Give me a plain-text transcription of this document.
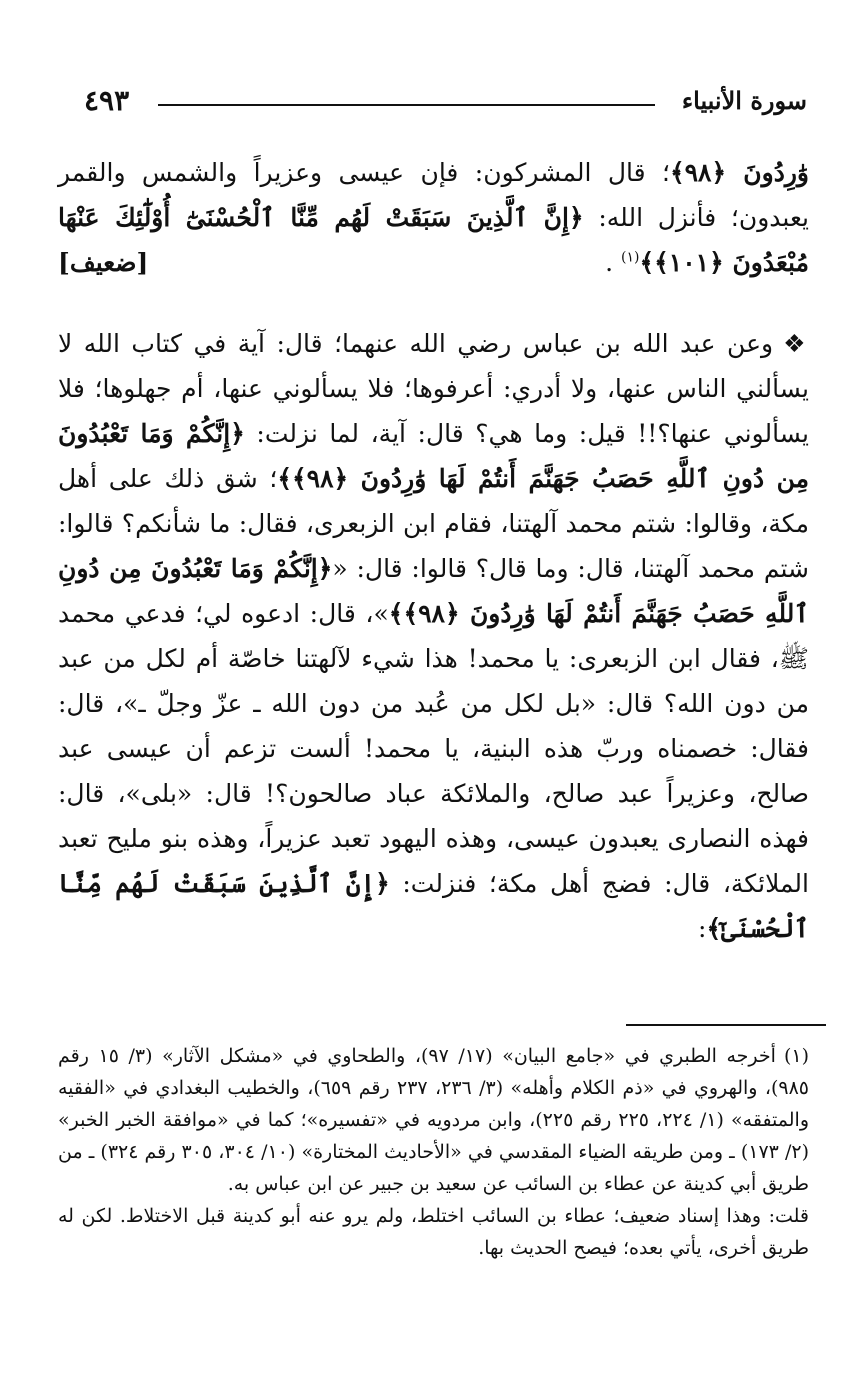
٤٩٣	سورة الأنبياء

وَٰرِدُونَ ﴿٩٨﴾؛ قال المشركون: فإن عيسى وعزيراً والشمس والقمر يعبدون؛ فأنزل الله: ﴿إِنَّ ٱلَّذِينَ سَبَقَتْ لَهُم مِّنَّا ٱلْحُسْنَىٰٓ أُوْلَٰٓئِكَ عَنْهَا مُبْعَدُونَ ﴿١٠١﴾﴾$^{(١)}$ .
[ضعيف]

❖وعن عبد الله بن عباس رضي الله عنهما؛ قال: آية في كتاب الله لا يسألني الناس عنها، ولا أدري: أعرفوها؛ فلا يسألوني عنها، أم جهلوها؛ فلا يسألوني عنها؟!! قيل: وما هي؟ قال: آية، لما نزلت: ﴿إِنَّكُمْ وَمَا تَعْبُدُونَ مِن دُونِ ٱللَّهِ حَصَبُ جَهَنَّمَ أَنتُمْ لَهَا وَٰرِدُونَ ﴿٩٨﴾﴾؛ شق ذلك على أهل مكة، وقالوا: شتم محمد آلهتنا، فقام ابن الزبعرى، فقال: ما شأنكم؟ قالوا: شتم محمد آلهتنا، قال: وما قال؟ قالوا: قال: «﴿إِنَّكُمْ وَمَا تَعْبُدُونَ مِن دُونِ ٱللَّهِ حَصَبُ جَهَنَّمَ أَنتُمْ لَهَا وَٰرِدُونَ ﴿٩٨﴾﴾»، قال: ادعوه لي؛ فدعي محمد ﷺ، فقال ابن الزبعرى: يا محمد! هذا شيء لآلهتنا خاصّة أم لكل من عبد من دون الله؟ قال: «بل لكل من عُبد من دون الله ـ عزّ وجلّ ـ»، قال: فقال: خصمناه وربّ هذه البنية، يا محمد! ألست تزعم أن عيسى عبد صالح، وعزيراً عبد صالح، والملائكة عباد صالحون؟! قال: «بلى»، قال: فهذه النصارى يعبدون عيسى، وهذه اليهود تعبد عزيراً، وهذه بنو مليح تعبد الملائكة، قال: فضج أهل مكة؛ فنزلت: ﴿إِنَّ ٱلَّذِينَ سَبَقَتْ لَهُم مِّنَّا ٱلْحُسْنَىٰٓ﴾:

(١)أخرجه الطبري في «جامع البيان» (١٧/ ٩٧)، والطحاوي في «مشكل الآثار» (٣/ ١٥ رقم ٩٨٥)، والهروي في «ذم الكلام وأهله» (٣/ ٢٣٦، ٢٣٧ رقم ٦٥٩)، والخطيب البغدادي في «الفقيه والمتفقه» (١/ ٢٢٤، ٢٢٥ رقم ٢٢٥)، وابن مردويه في «تفسيره»؛ كما في «موافقة الخبر الخبر» (٢/ ١٧٣) ـ ومن طريقه الضياء المقدسي في «الأحاديث المختارة» (١٠/ ٣٠٤، ٣٠٥ رقم ٣٢٤) ـ من طريق أبي كدينة عن عطاء بن السائب عن سعيد بن جبير عن ابن عباس به.

قلت: وهذا إسناد ضعيف؛ عطاء بن السائب اختلط، ولم يرو عنه أبو كدينة قبل الاختلاط. لكن له طريق أخرى، يأتي بعده؛ فيصح الحديث بها.
